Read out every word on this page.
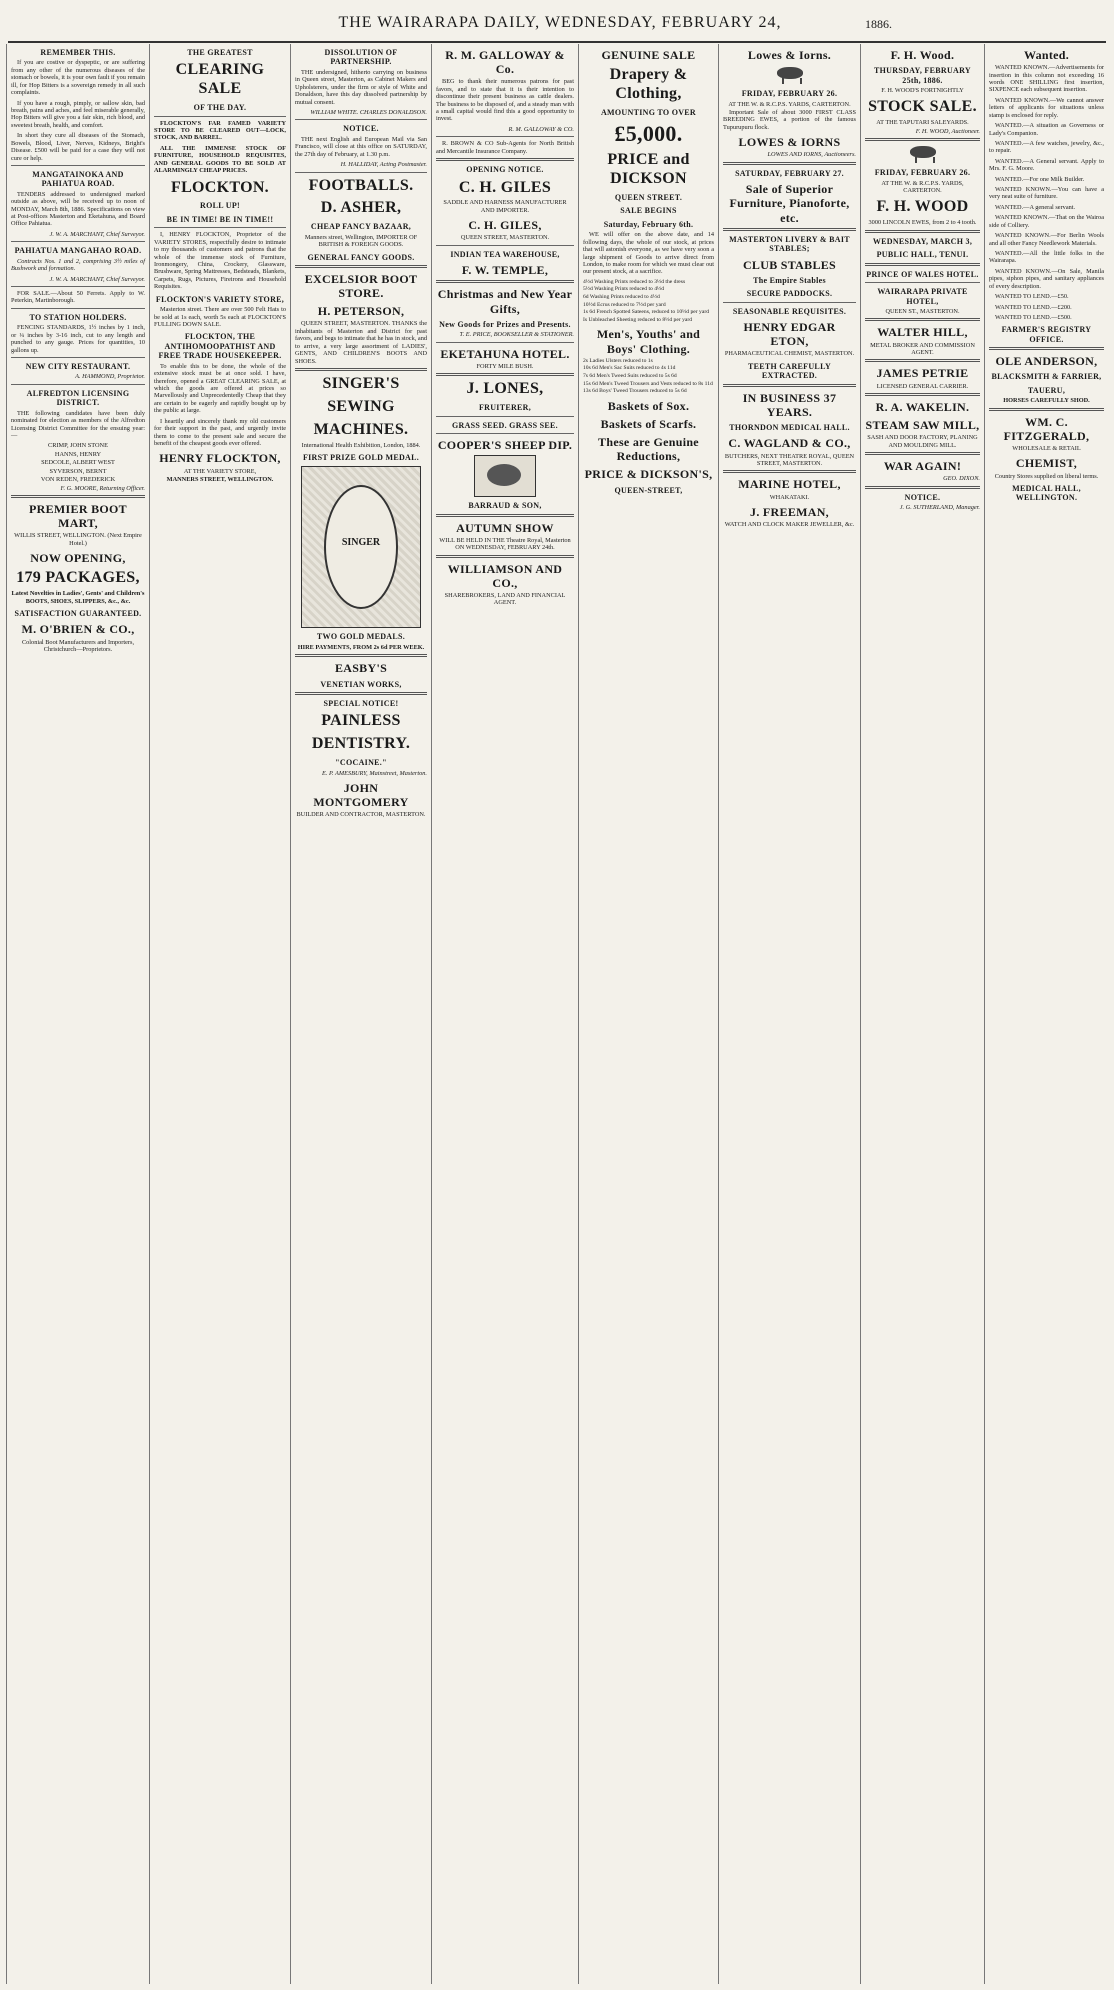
THE WAIRARAPA DAILY, WEDNESDAY, FEBRUARY 24,	1886.
REMEMBER THIS.

If you are costive or dyspeptic, or are suffering from any other of the numerous diseases of the stomach or bowels, it is your own fault if you remain ill, for Hop Bitters is a sovereign remedy in all such complaints.

If you have a rough, pimply, or sallow skin, bad breath, pains and aches, and feel miserable generally, Hop Bitters will give you a fair skin, rich blood, and sweetest breath, health, and comfort.

In short they cure all diseases of the Stomach, Bowels, Blood, Liver, Nerves, Kidneys, Bright's Disease. £500 will be paid for a case they will not cure or help.

MANGATAINOKA AND PAHIATUA ROAD.

TENDERS addressed to undersigned marked outside as above, will be received up to noon of MONDAY, March 8th, 1886. Specifications on view at Post-offices Masterton and Eketahuna, and Board Office Pahiatua.

J. W. A. MARCHANT, Chief Surveyor.
PAHIATUA MANGAHAO ROAD.

Contracts Nos. 1 and 2, comprising 3½ miles of Bushwork and formation.

J. W. A. MARCHANT, Chief Surveyor.

FOR SALE.—About 50 Ferrets. Apply to W. Peterkin, Martinborough.

TO STATION HOLDERS.

FENCING STANDARDS, 1½ inches by 1 inch, or ¼ inches by 3-16 inch, cut to any length and punched to any gauge. Prices for quantities, 10 gallons up.

NEW CITY RESTAURANT.
A. HAMMOND, Proprietor.
ALFREDTON LICENSING DISTRICT.

THE following candidates have been duly nominated for election as members of the Alfredton Licensing District Committee for the ensuing year:—

CRIMP, JOHN STONE
HANNS, HENRY
SEDCOLE, ALBERT WEST
SYVERSON, BERNT
VON REDEN, FREDERICK
F. G. MOORE, Returning Officer.
PREMIER BOOT MART,
WILLIS STREET, WELLINGTON. (Next Empire Hotel.)
NOW OPENING,
179 PACKAGES,
Latest Novelties in Ladies', Gents' and Children's BOOTS, SHOES, SLIPPERS, &c., &c.
SATISFACTION GUARANTEED.
M. O'BRIEN & CO.,
Colonial Boot Manufacturers and Importers, Christchurch—Proprietors.
THE GREATEST
CLEARING SALE
OF THE DAY.

FLOCKTON'S FAR FAMED VARIETY STORE TO BE CLEARED OUT—LOCK, STOCK, AND BARREL.

ALL THE IMMENSE STOCK OF FURNITURE, HOUSEHOLD REQUISITES, AND GENERAL GOODS TO BE SOLD AT ALARMINGLY CHEAP PRICES.

FLOCKTON.
ROLL UP!
BE IN TIME! BE IN TIME!!

I, HENRY FLOCKTON, Proprietor of the VARIETY STORES, respectfully desire to intimate to my thousands of customers and patrons that the whole of the immense stock of Furniture, Ironmongery, China, Crockery, Glassware, Brushware, Spring Mattresses, Bedsteads, Blankets, Carpets, Rugs, Pictures, Fireirons and Household Requisites.

FLOCKTON'S VARIETY STORE,

Masterton street. There are over 500 Felt Hats to be sold at 1s each, worth 5s each at FLOCKTON'S FULLING DOWN SALE.

FLOCKTON, THE ANTIHOMOOPATHIST AND FREE TRADE HOUSEKEEPER.

To enable this to be done, the whole of the extensive stock must be at once sold. I have, therefore, opened a GREAT CLEARING SALE, at which the goods are offered at prices so Marvellously and Unprecedentedly Cheap that they are certain to be eagerly and rapidly bought up by the public at large.

I heartily and sincerely thank my old customers for their support in the past, and urgently invite them to come to the present sale and secure the benefit of the cheapest goods ever offered.

HENRY FLOCKTON,
AT THE VARIETY STORE,
MANNERS STREET, WELLINGTON.
DISSOLUTION OF PARTNERSHIP.

THE undersigned, hitherto carrying on business in Queen street, Masterton, as Cabinet Makers and Upholsterers, under the firm or style of White and Donaldson, have this day dissolved partnership by mutual consent.

WILLIAM WHITE. CHARLES DONALDSON.
NOTICE.

THE next English and European Mail via San Francisco, will close at this office on SATURDAY, the 27th day of February, at 1.30 p.m.

H. HALLIDAY, Acting Postmaster.
FOOTBALLS.
D. ASHER,
CHEAP FANCY BAZAAR,
Manners street, Wellington, IMPORTER OF BRITISH & FOREIGN GOODS.
GENERAL FANCY GOODS.
EXCELSIOR BOOT STORE.
H. PETERSON,

QUEEN STREET, MASTERTON. THANKS the inhabitants of Masterton and District for past favors, and begs to intimate that he has in stock, and to arrive, a very large assortment of LADIES', GENTS, AND CHILDREN'S BOOTS AND SHOES.

SINGER'S
SEWING
MACHINES.
International Health Exhibition, London, 1884.
FIRST PRIZE GOLD MEDAL.
SINGER
TWO GOLD MEDALS.
HIRE PAYMENTS, FROM 2s 6d PER WEEK.
EASBY'S
VENETIAN WORKS,
SPECIAL NOTICE!
PAINLESS
DENTISTRY.
"COCAINE."
E. P. AMESBURY, Mainstreet, Masterton.
JOHN MONTGOMERY
BUILDER AND CONTRACTOR, MASTERTON.
R. M. GALLOWAY & Co.

BEG to thank their numerous patrons for past favors, and to state that it is their intention to discontinue their present business as cattle dealers. The business to be disposed of, and a steady man with a small capital would find this a good opportunity to invest.

R. M. GALLOWAY & CO.

R. BROWN & CO Sub-Agents for North British and Mercantile Insurance Company.

OPENING NOTICE.
C. H. GILES
SADDLE AND HARNESS MANUFACTURER AND IMPORTER.
C. H. GILES,
QUEEN STREET, MASTERTON.
INDIAN TEA WAREHOUSE,
F. W. TEMPLE,
Christmas and New Year Gifts,
New Goods for Prizes and Presents.
T. E. PRICE, BOOKSELLER & STATIONER.
EKETAHUNA HOTEL.
FORTY MILE BUSH.
J. LONES,
FRUITERER,
GRASS SEED. GRASS SEE.
COOPER'S SHEEP DIP.
BARRAUD & SON,
AUTUMN SHOW
WILL BE HELD IN THE Theatre Royal, Masterton ON WEDNESDAY, FEBRUARY 24th.
WILLIAMSON AND CO.,
SHAREBROKERS, LAND AND FINANCIAL AGENT.
GENUINE SALE
Drapery & Clothing,
AMOUNTING TO OVER
£5,000.
PRICE and DICKSON
QUEEN STREET.
SALE BEGINS
Saturday, February 6th.

WE will offer on the above date, and 14 following days, the whole of our stock, at prices that will astonish everyone, as we have very soon a large shipment of Goods to arrive direct from London, to make room for which we must clear out our present stock, at a sacrifice.

4½d Washing Prints reduced to 3½d the dress
5½d Washing Prints reduced to 4½d
6d Washing Prints reduced to 4½d
10½d Ecrus reduced to 7½d per yard
1s 6d French Spotted Sateens, reduced to 10½d per yard
Is Unbleached Sheeting reduced to 8½d per yard
Men's, Youths' and Boys' Clothing.
2s Ladies Ulsters reduced to 1s
10s 6d Men's Sac Suits reduced to 4s 11d
7s 6d Men's Tweed Suits reduced to 5s 6d
15s 6d Men's Tweed Trousers and Vests reduced to 8s 11d
13s 6d Boys' Tweed Trousers reduced to 5s 6d
Baskets of Sox.
Baskets of Scarfs.
These are Genuine Reductions,
PRICE & DICKSON'S,
QUEEN-STREET,
Lowes & Iorns.
FRIDAY, FEBRUARY 26.
AT THE W. & R.C.P.S. YARDS, CARTERTON.

Important Sale of about 3000 FIRST CLASS BREEDING EWES, a portion of the famous Tupurupuru flock.

LOWES & IORNS
LOWES AND IORNS, Auctioneers.
SATURDAY, FEBRUARY 27.
Sale of Superior Furniture, Pianoforte, etc.
MASTERTON LIVERY & BAIT STABLES;
CLUB STABLES
The Empire Stables
SECURE PADDOCKS.
SEASONABLE REQUISITES.
HENRY EDGAR ETON,
PHARMACEUTICAL CHEMIST, MASTERTON.
TEETH CAREFULLY EXTRACTED.
IN BUSINESS 37 YEARS.
THORNDON MEDICAL HALL.
C. WAGLAND & CO.,
BUTCHERS, NEXT THEATRE ROYAL, QUEEN STREET, MASTERTON.
MARINE HOTEL,
WHAKATAKI.
J. FREEMAN,
WATCH AND CLOCK MAKER JEWELLER, &c.
F. H. Wood.
THURSDAY, FEBRUARY 25th, 1886.
F. H. WOOD'S FORTNIGHTLY
STOCK SALE.
AT THE TAPUTARI SALEYARDS.
F. H. WOOD, Auctioneer.
FRIDAY, FEBRUARY 26.
AT THE W. & R.C.P.S. YARDS, CARTERTON.
F. H. WOOD
3000 LINCOLN EWES, from 2 to 4 tooth.
WEDNESDAY, MARCH 3,
PUBLIC HALL, TENUI.
PRINCE OF WALES HOTEL.
WAIRARAPA PRIVATE HOTEL,
QUEEN ST., MASTERTON.
WALTER HILL,
METAL BROKER AND COMMISSION AGENT.
JAMES PETRIE
LICENSED GENERAL CARRIER.
R. A. WAKELIN.
STEAM SAW MILL,
SASH AND DOOR FACTORY, PLANING AND MOULDING MILL.
WAR AGAIN!
GEO. DIXON.
NOTICE.
J. G. SUTHERLAND, Manager.
Wanted.

WANTED KNOWN.—Advertisements for insertion in this column not exceeding 16 words ONE SHILLING first insertion, SIXPENCE each subsequent insertion.

WANTED KNOWN.—We cannot answer letters of applicants for situations unless stamp is enclosed for reply.

WANTED.—A situation as Governess or Lady's Companion.

WANTED.—A few watches, jewelry, &c., to repair.

WANTED.—A General servant. Apply to Mrs. F. G. Moore.

WANTED.—For one Milk Builder.

WANTED KNOWN.—You can have a very neat suite of furniture.

WANTED.—A general servant.

WANTED KNOWN.—That on the Wairoa side of Colliery.

WANTED KNOWN.—For Berlin Wools and all other Fancy Needlework Materials.

WANTED.—All the little folks in the Wairarapa.

WANTED KNOWN.—On Sale, Manila pipes, siphon pipes, and sanitary appliances of every description.

WANTED TO LEND.—£50.

WANTED TO LEND.—£200.

WANTED TO LEND.—£500.

FARMER'S REGISTRY OFFICE.
OLE ANDERSON,
BLACKSMITH & FARRIER,
TAUERU,
HORSES CAREFULLY SHOD.
WM. C. FITZGERALD,
WHOLESALE & RETAIL
CHEMIST,
Country Stores supplied on liberal terms.
MEDICAL HALL, WELLINGTON.
